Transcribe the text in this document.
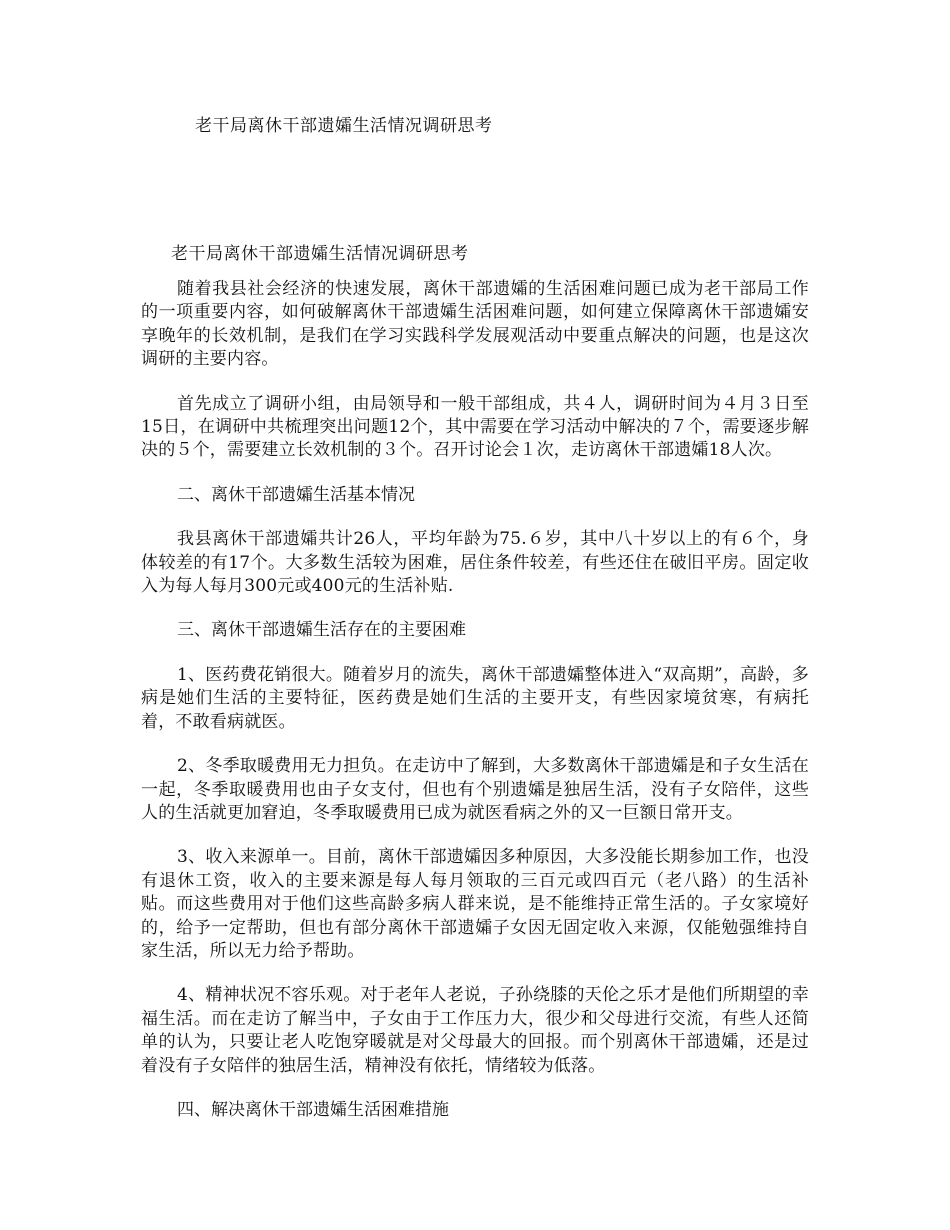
老干局离休干部遗孀生活情况调研思考
老干局离休干部遗孀生活情况调研思考

随着我县社会经济的快速发展，离休干部遗孀的生活困难问题已成为老干部局工作的一项重要内容，如何破解离休干部遗孀生活困难问题，如何建立保障离休干部遗孀安享晚年的长效机制，是我们在学习实践科学发展观活动中要重点解决的问题，也是这次调研的主要内容。

首先成立了调研小组，由局领导和一般干部组成，共４人，调研时间为４月３日至15日，在调研中共梳理突出问题12个，其中需要在学习活动中解决的７个，需要逐步解决的５个，需要建立长效机制的３个。召开讨论会１次，走访离休干部遗孀18人次。

二、离休干部遗孀生活基本情况

我县离休干部遗孀共计26人，平均年龄为75.６岁，其中八十岁以上的有６个，身体较差的有17个。大多数生活较为困难，居住条件较差，有些还住在破旧平房。固定收入为每人每月300元或400元的生活补贴.

三、离休干部遗孀生活存在的主要困难

1、医药费花销很大。随着岁月的流失，离休干部遗孀整体进入“双高期”，高龄，多病是她们生活的主要特征，医药费是她们生活的主要开支，有些因家境贫寒，有病托着，不敢看病就医。

2、冬季取暖费用无力担负。在走访中了解到，大多数离休干部遗孀是和子女生活在一起，冬季取暖费用也由子女支付，但也有个别遗孀是独居生活，没有子女陪伴，这些人的生活就更加窘迫，冬季取暖费用已成为就医看病之外的又一巨额日常开支。

3、收入来源单一。目前，离休干部遗孀因多种原因，大多没能长期参加工作，也没有退休工资，收入的主要来源是每人每月领取的三百元或四百元（老八路）的生活补贴。而这些费用对于他们这些高龄多病人群来说，是不能维持正常生活的。子女家境好的，给予一定帮助，但也有部分离休干部遗孀子女因无固定收入来源，仅能勉强维持自家生活，所以无力给予帮助。

4、精神状况不容乐观。对于老年人老说，子孙绕膝的天伦之乐才是他们所期望的幸福生活。而在走访了解当中，子女由于工作压力大，很少和父母进行交流，有些人还简单的认为，只要让老人吃饱穿暖就是对父母最大的回报。而个别离休干部遗孀，还是过着没有子女陪伴的独居生活，精神没有依托，情绪较为低落。

四、解决离休干部遗孀生活困难措施
